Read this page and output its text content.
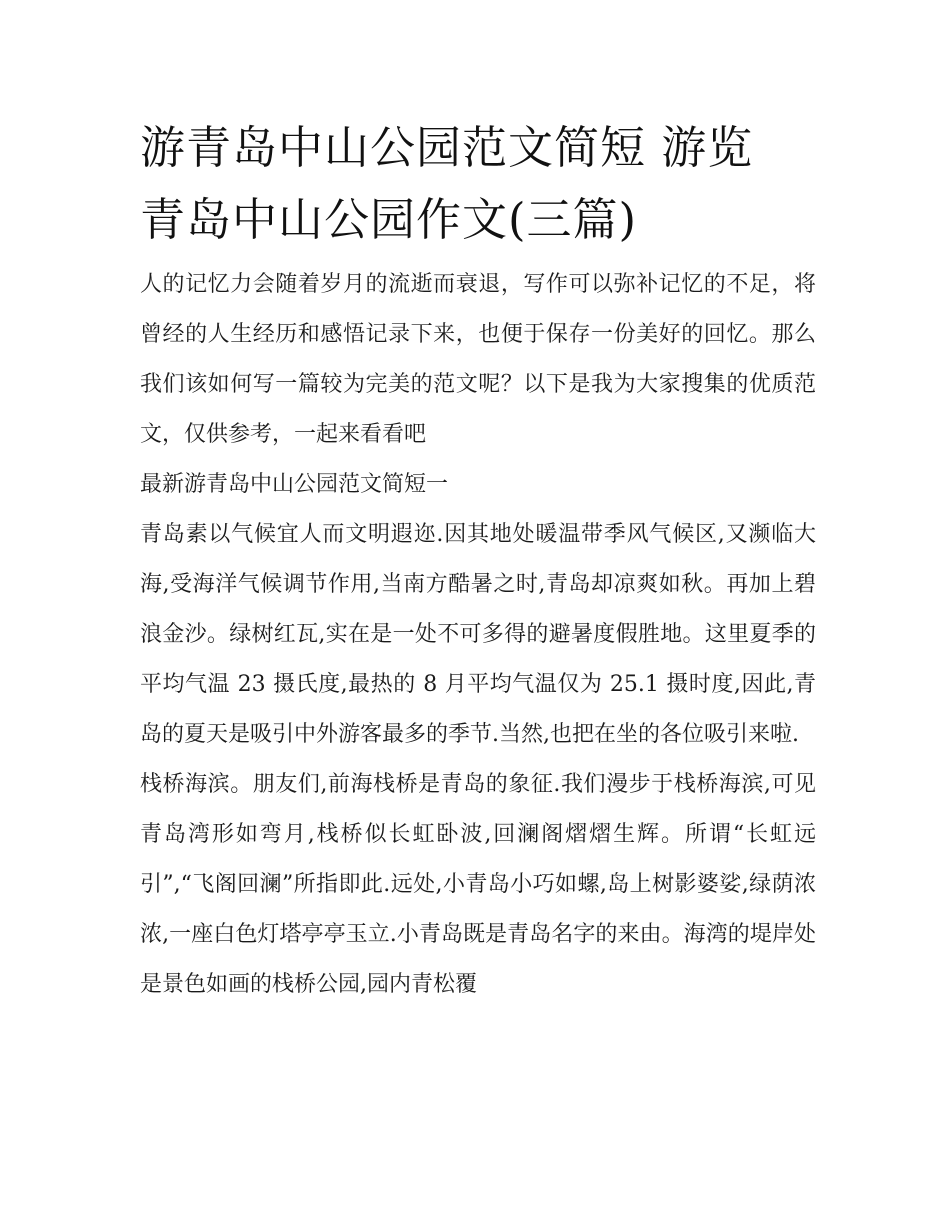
游青岛中山公园范文简短 游览
青岛中山公园作文(三篇)

人的记忆力会随着岁月的流逝而衰退，写作可以弥补记忆的不足，将曾经的人生经历和感悟记录下来，也便于保存一份美好的回忆。那么我们该如何写一篇较为完美的范文呢？以下是我为大家搜集的优质范文，仅供参考，一起来看看吧

最新游青岛中山公园范文简短一

青岛素以气候宜人而文明遐迩.因其地处暖温带季风气候区,又濒临大海,受海洋气候调节作用,当南方酷暑之时,青岛却凉爽如秋。再加上碧浪金沙。绿树红瓦,实在是一处不可多得的避暑度假胜地。这里夏季的平均气温 23 摄氏度,最热的 8 月平均气温仅为 25.1 摄时度,因此,青岛的夏天是吸引中外游客最多的季节.当然,也把在坐的各位吸引来啦.

栈桥海滨。朋友们,前海栈桥是青岛的象征.我们漫步于栈桥海滨,可见青岛湾形如弯月,栈桥似长虹卧波,回澜阁熠熠生辉。所谓“长虹远引”,“飞阁回澜”所指即此.远处,小青岛小巧如螺,岛上树影婆娑,绿荫浓浓,一座白色灯塔亭亭玉立.小青岛既是青岛名字的来由。海湾的堤岸处是景色如画的栈桥公园,园内青松覆
